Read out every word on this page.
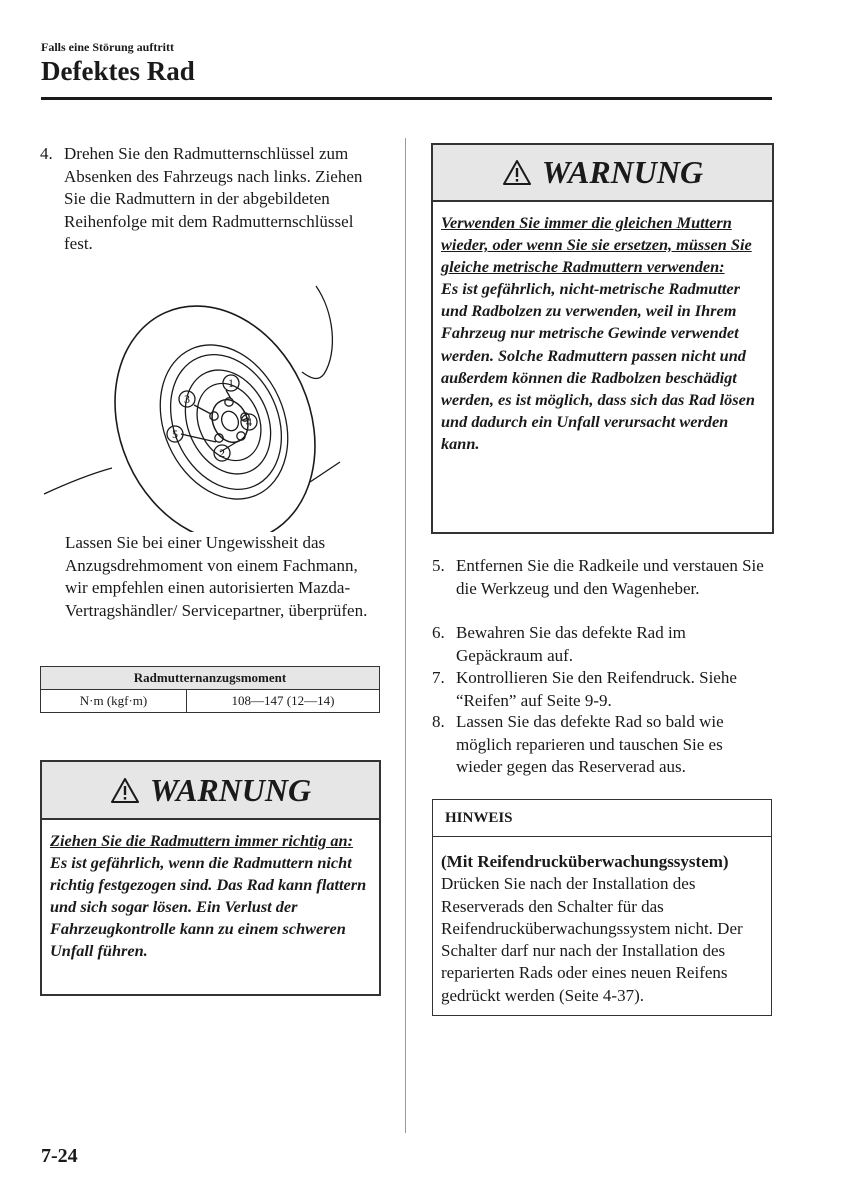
Falls eine Störung auftritt
Defektes Rad
4. Drehen Sie den Radmutternschlüssel zum Absenken des Fahrzeugs nach links. Ziehen Sie die Radmuttern in der abgebildeten Reihenfolge mit dem Radmutternschlüssel fest.
1
4
2
5
3
Lassen Sie bei einer Ungewissheit das Anzugsdrehmoment von einem Fachmann, wir empfehlen einen autorisierten Mazda-Vertragshändler/ Servicepartner, überprüfen.
Radmutternanzugsmoment
N·m (kgf·m)	108—147 (12—14)
WARNUNG
Ziehen Sie die Radmuttern immer richtig an:
Es ist gefährlich, wenn die Radmuttern nicht richtig festgezogen sind. Das Rad kann flattern und sich sogar lösen. Ein Verlust der Fahrzeugkontrolle kann zu einem schweren Unfall führen.
WARNUNG
Verwenden Sie immer die gleichen Muttern wieder, oder wenn Sie sie ersetzen, müssen Sie gleiche metrische Radmuttern verwenden:
Es ist gefährlich, nicht-metrische Radmutter und Radbolzen zu verwenden, weil in Ihrem Fahrzeug nur metrische Gewinde verwendet werden. Solche Radmuttern passen nicht und außerdem können die Radbolzen beschädigt werden, es ist möglich, dass sich das Rad lösen und dadurch ein Unfall verursacht werden kann.
5. Entfernen Sie die Radkeile und verstauen Sie die Werkzeug und den Wagenheber.
6. Bewahren Sie das defekte Rad im Gepäckraum auf.
7. Kontrollieren Sie den Reifendruck. Siehe “Reifen” auf Seite 9-9.
8. Lassen Sie das defekte Rad so bald wie möglich reparieren und tauschen Sie es wieder gegen das Reserverad aus.
HINWEIS
(Mit Reifendrucküberwachungssystem)
Drücken Sie nach der Installation des Reserverads den Schalter für das Reifendrucküberwachungssystem nicht. Der Schalter darf nur nach der Installation des reparierten Rads oder eines neuen Reifens gedrückt werden (Seite 4-37).
7-24
